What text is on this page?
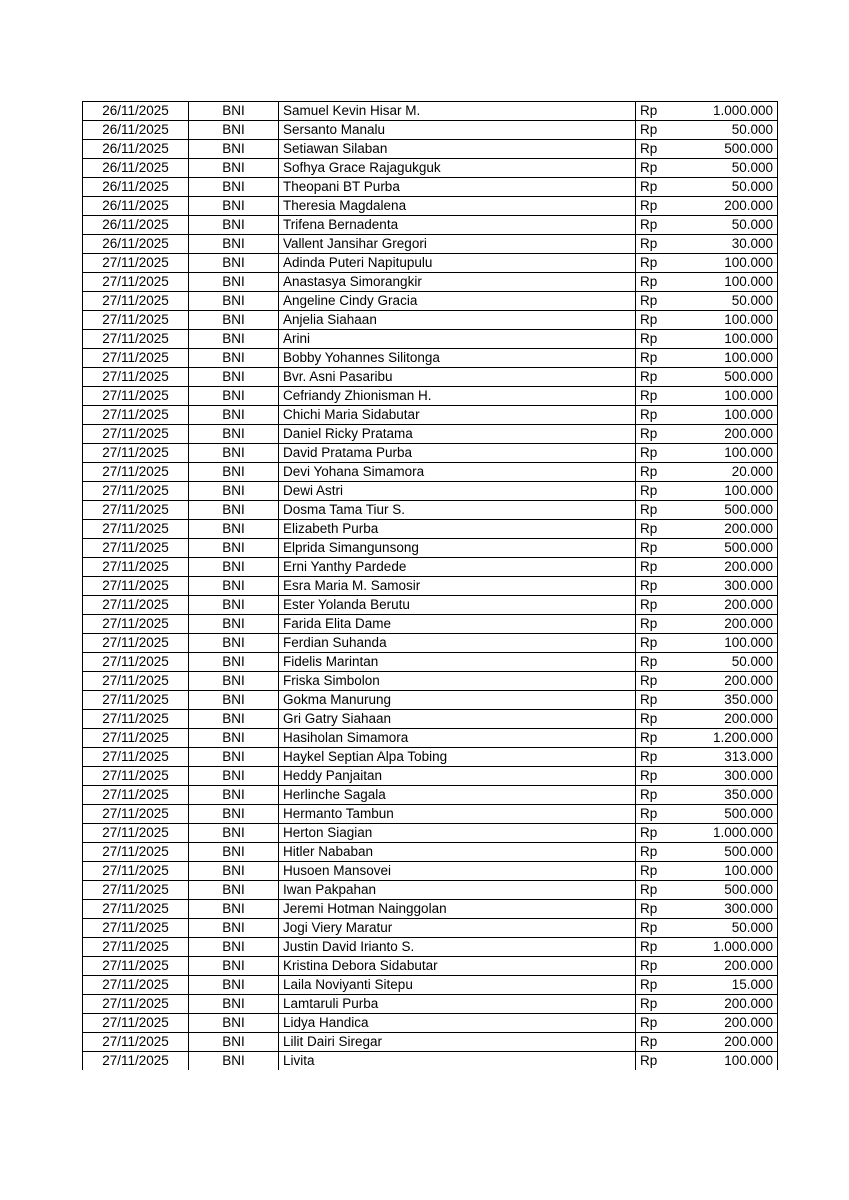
26/11/2025	BNI	Samuel Kevin Hisar M.	Rp	1.000.000
26/11/2025	BNI	Sersanto Manalu	Rp	50.000
26/11/2025	BNI	Setiawan Silaban	Rp	500.000
26/11/2025	BNI	Sofhya Grace Rajagukguk	Rp	50.000
26/11/2025	BNI	Theopani BT Purba	Rp	50.000
26/11/2025	BNI	Theresia Magdalena	Rp	200.000
26/11/2025	BNI	Trifena Bernadenta	Rp	50.000
26/11/2025	BNI	Vallent Jansihar Gregori	Rp	30.000
27/11/2025	BNI	Adinda Puteri Napitupulu	Rp	100.000
27/11/2025	BNI	Anastasya Simorangkir	Rp	100.000
27/11/2025	BNI	Angeline Cindy Gracia	Rp	50.000
27/11/2025	BNI	Anjelia Siahaan	Rp	100.000
27/11/2025	BNI	Arini	Rp	100.000
27/11/2025	BNI	Bobby Yohannes Silitonga	Rp	100.000
27/11/2025	BNI	Bvr. Asni Pasaribu	Rp	500.000
27/11/2025	BNI	Cefriandy Zhionisman H.	Rp	100.000
27/11/2025	BNI	Chichi Maria Sidabutar	Rp	100.000
27/11/2025	BNI	Daniel Ricky Pratama	Rp	200.000
27/11/2025	BNI	David Pratama Purba	Rp	100.000
27/11/2025	BNI	Devi Yohana Simamora	Rp	20.000
27/11/2025	BNI	Dewi Astri	Rp	100.000
27/11/2025	BNI	Dosma Tama Tiur S.	Rp	500.000
27/11/2025	BNI	Elizabeth Purba	Rp	200.000
27/11/2025	BNI	Elprida Simangunsong	Rp	500.000
27/11/2025	BNI	Erni Yanthy Pardede	Rp	200.000
27/11/2025	BNI	Esra Maria M. Samosir	Rp	300.000
27/11/2025	BNI	Ester Yolanda Berutu	Rp	200.000
27/11/2025	BNI	Farida Elita Dame	Rp	200.000
27/11/2025	BNI	Ferdian Suhanda	Rp	100.000
27/11/2025	BNI	Fidelis Marintan	Rp	50.000
27/11/2025	BNI	Friska Simbolon	Rp	200.000
27/11/2025	BNI	Gokma Manurung	Rp	350.000
27/11/2025	BNI	Gri Gatry Siahaan	Rp	200.000
27/11/2025	BNI	Hasiholan Simamora	Rp	1.200.000
27/11/2025	BNI	Haykel Septian Alpa Tobing	Rp	313.000
27/11/2025	BNI	Heddy Panjaitan	Rp	300.000
27/11/2025	BNI	Herlinche Sagala	Rp	350.000
27/11/2025	BNI	Hermanto Tambun	Rp	500.000
27/11/2025	BNI	Herton Siagian	Rp	1.000.000
27/11/2025	BNI	Hitler Nababan	Rp	500.000
27/11/2025	BNI	Husoen Mansovei	Rp	100.000
27/11/2025	BNI	Iwan Pakpahan	Rp	500.000
27/11/2025	BNI	Jeremi Hotman Nainggolan	Rp	300.000
27/11/2025	BNI	Jogi Viery Maratur	Rp	50.000
27/11/2025	BNI	Justin David Irianto S.	Rp	1.000.000
27/11/2025	BNI	Kristina Debora Sidabutar	Rp	200.000
27/11/2025	BNI	Laila Noviyanti Sitepu	Rp	15.000
27/11/2025	BNI	Lamtaruli Purba	Rp	200.000
27/11/2025	BNI	Lidya Handica	Rp	200.000
27/11/2025	BNI	Lilit Dairi Siregar	Rp	200.000
27/11/2025	BNI	Livita	Rp	100.000
